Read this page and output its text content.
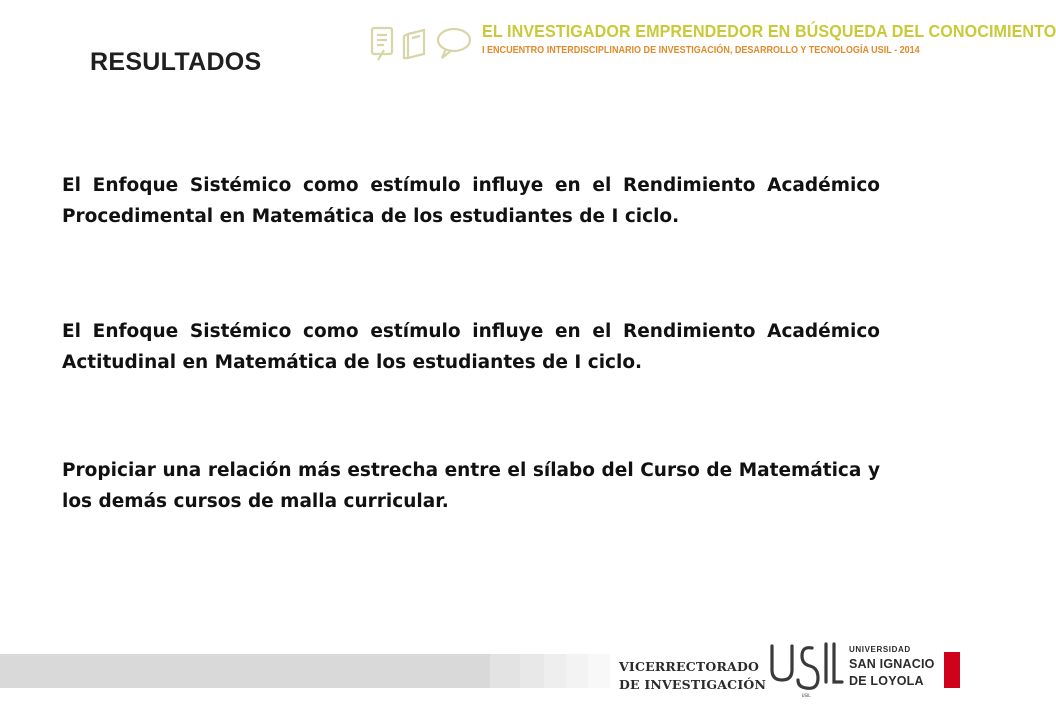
EL INVESTIGADOR EMPRENDEDOR EN BÚSQUEDA DEL CONOCIMIENTO
I ENCUENTRO INTERDISCIPLINARIO DE INVESTIGACIÓN, DESARROLLO Y TECNOLOGÍA USIL - 2014
RESULTADOS

El Enfoque Sistémico como estímulo influye en el Rendimiento Académico Procedimental en Matemática de los estudiantes de I ciclo.

El Enfoque Sistémico como estímulo influye en el Rendimiento Académico Actitudinal en Matemática de los estudiantes de I ciclo.

Propiciar una relación más estrecha entre el sílabo del Curso de Matemática y los demás cursos de malla curricular.

VICERRECTORADO
DE INVESTIGACIÓN
USIL
UNIVERSIDAD
SAN IGNACIO
DE LOYOLA
